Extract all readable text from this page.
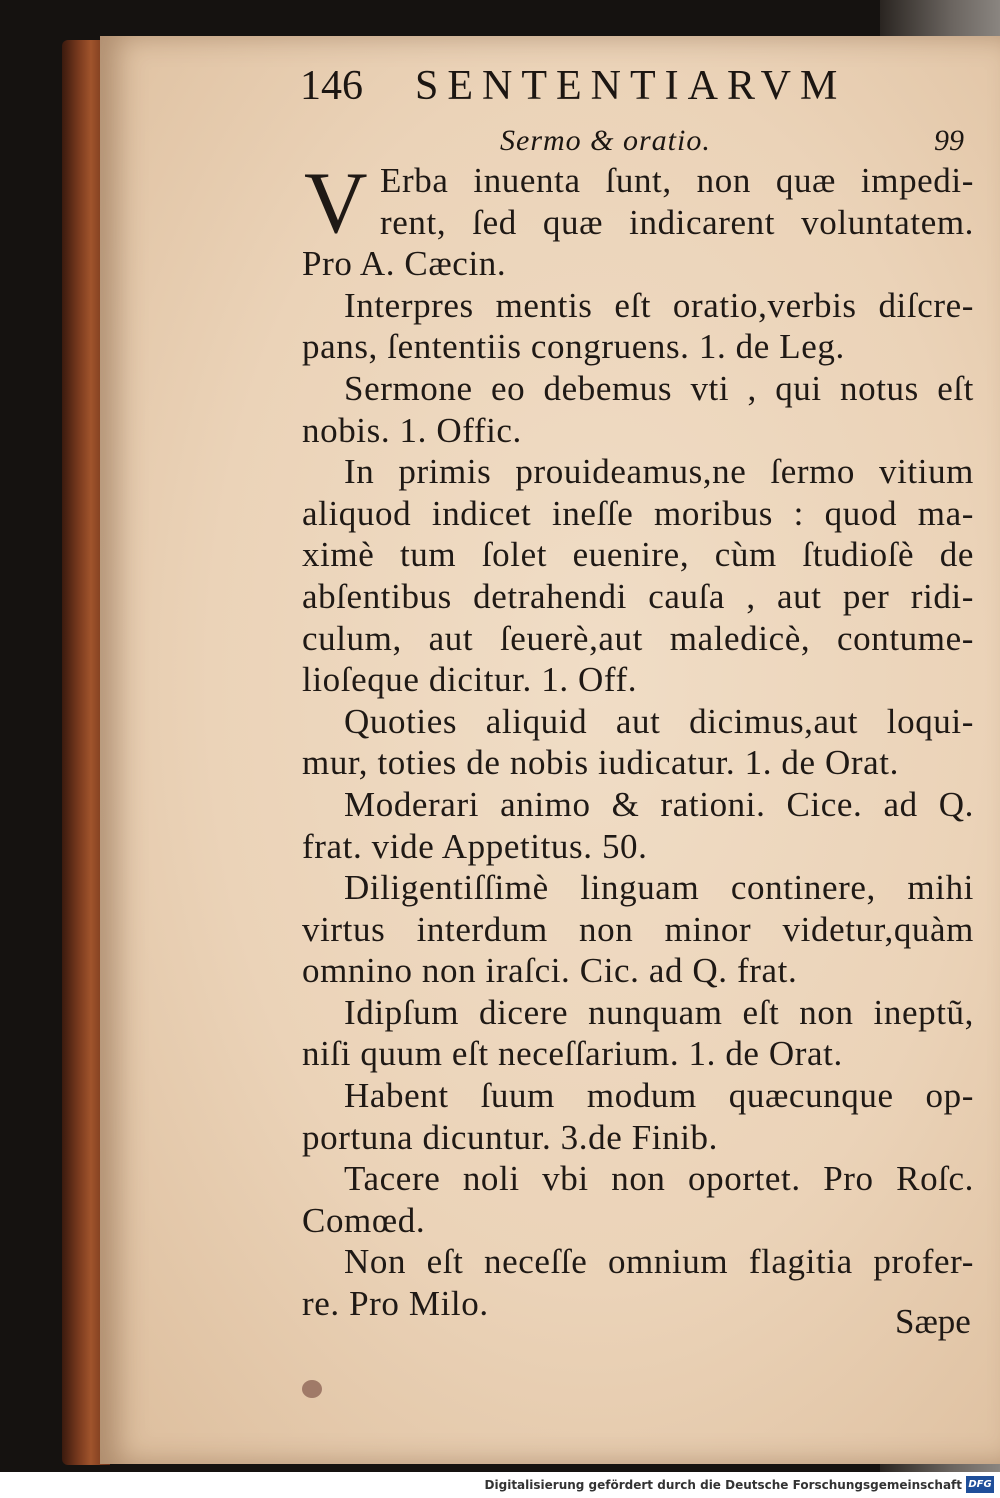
146 SENTENTIARVM
Sermo & oratio.	99
V Erba inuenta ſunt, non quæ impedi-
rent, ſed quæ indicarent voluntatem.
Pro A. Cæcin.
Interpres mentis eſt oratio,verbis diſcre-
pans, ſententiis congruens. 1. de Leg.
Sermone eo debemus vti , qui notus eſt
nobis. 1. Offic.
In primis prouideamus,ne ſermo vitium
aliquod indicet ineſſe moribus : quod ma-
ximè tum ſolet euenire, cùm ſtudioſè de
abſentibus detrahendi cauſa , aut per ridi-
culum, aut ſeuerè,aut maledicè, contume-
lioſeque dicitur. 1. Off.
Quoties aliquid aut dicimus,aut loqui-
mur, toties de nobis iudicatur. 1. de Orat.
Moderari animo & rationi. Cice. ad Q.
frat. vide Appetitus. 50.
Diligentiſſimè linguam continere, mihi
virtus interdum non minor videtur,quàm
omnino non iraſci. Cic. ad Q. frat.
Idipſum dicere nunquam eſt non ineptũ,
niſi quum eſt neceſſarium. 1. de Orat.
Habent ſuum modum quæcunque op-
portuna dicuntur. 3.de Finib.
Tacere noli vbi non oportet. Pro Roſc.
Comœd.
Non eſt neceſſe omnium flagitia profer-
re. Pro Milo.	Sæpe
Digitalisierung gefördert durch die Deutsche Forschungsgemeinschaft DFG
